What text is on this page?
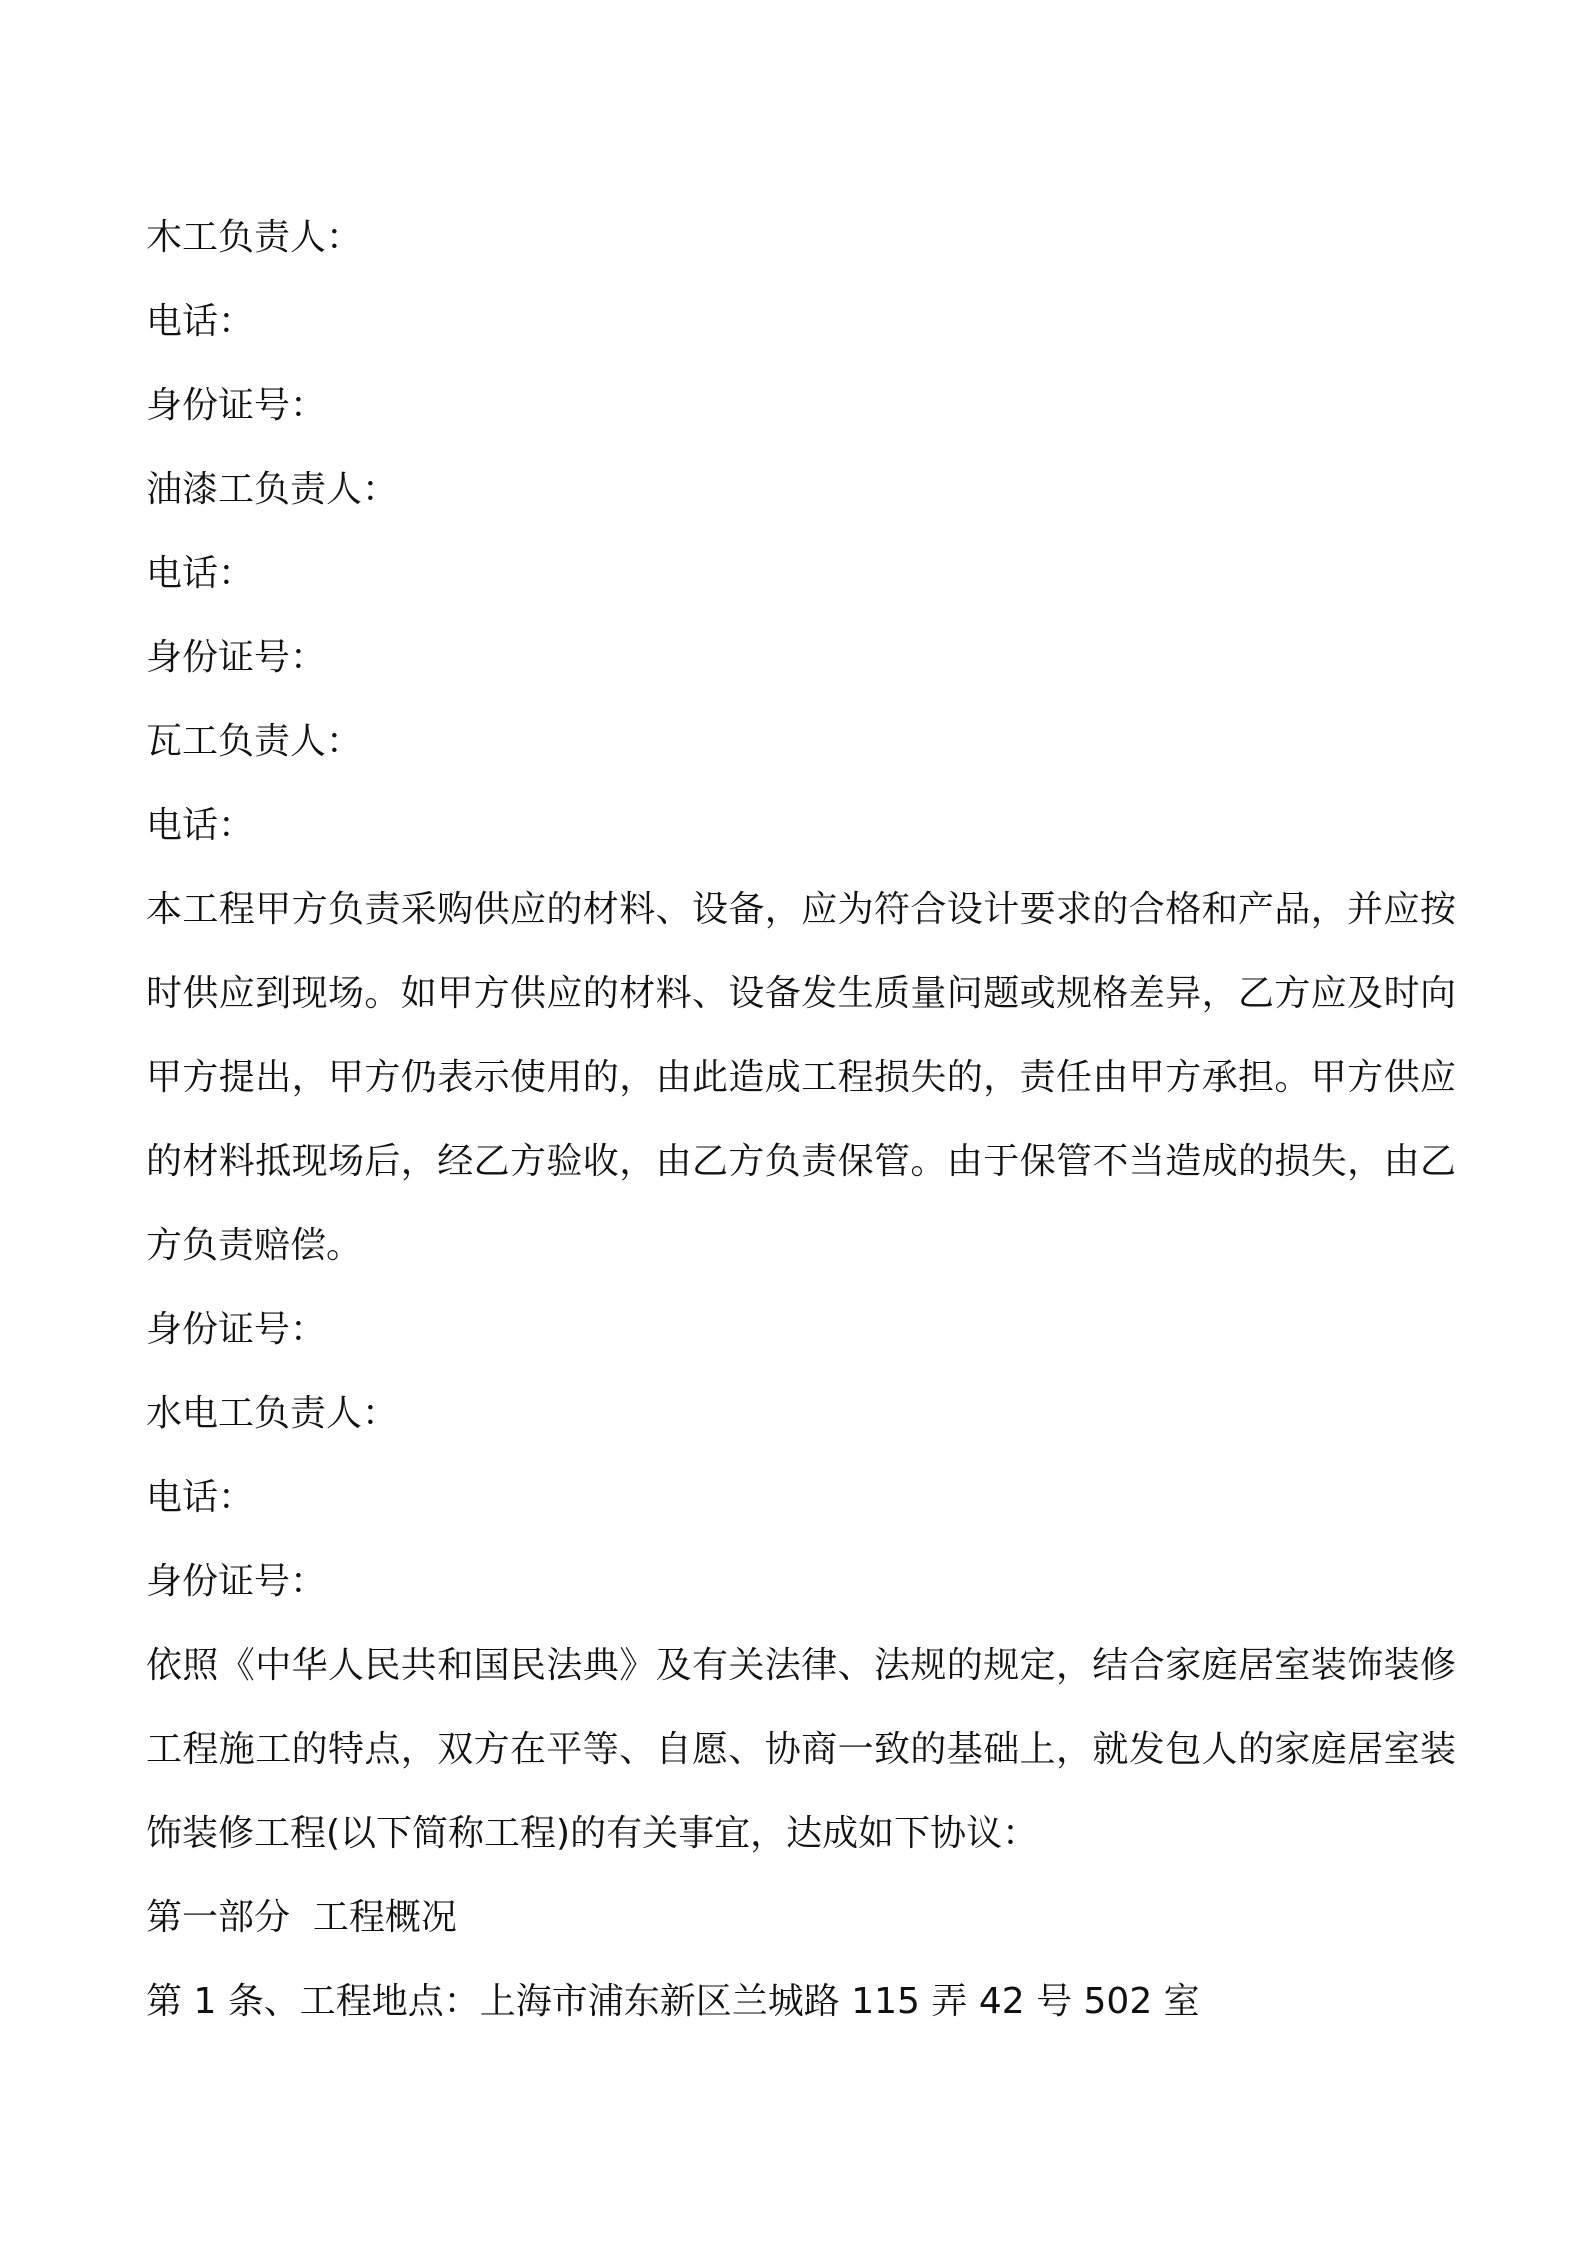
木工负责人：
电话：
身份证号：
油漆工负责人：
电话：
身份证号：
瓦工负责人：
电话：
本工程甲方负责采购供应的材料、设备，应为符合设计要求的合格和产品，并应按时供应到现场。如甲方供应的材料、设备发生质量问题或规格差异，乙方应及时向甲方提出，甲方仍表示使用的，由此造成工程损失的，责任由甲方承担。甲方供应的材料抵现场后，经乙方验收，由乙方负责保管。由于保管不当造成的损失，由乙方负责赔偿。
身份证号：
水电工负责人：
电话：
身份证号：
依照《中华人民共和国民法典》及有关法律、法规的规定，结合家庭居室装饰装修工程施工的特点，双方在平等、自愿、协商一致的基础上，就发包人的家庭居室装饰装修工程(以下简称工程)的有关事宜，达成如下协议：
第一部分  工程概况
第 1 条、工程地点：上海市浦东新区兰城路 115 弄 42 号 502 室
